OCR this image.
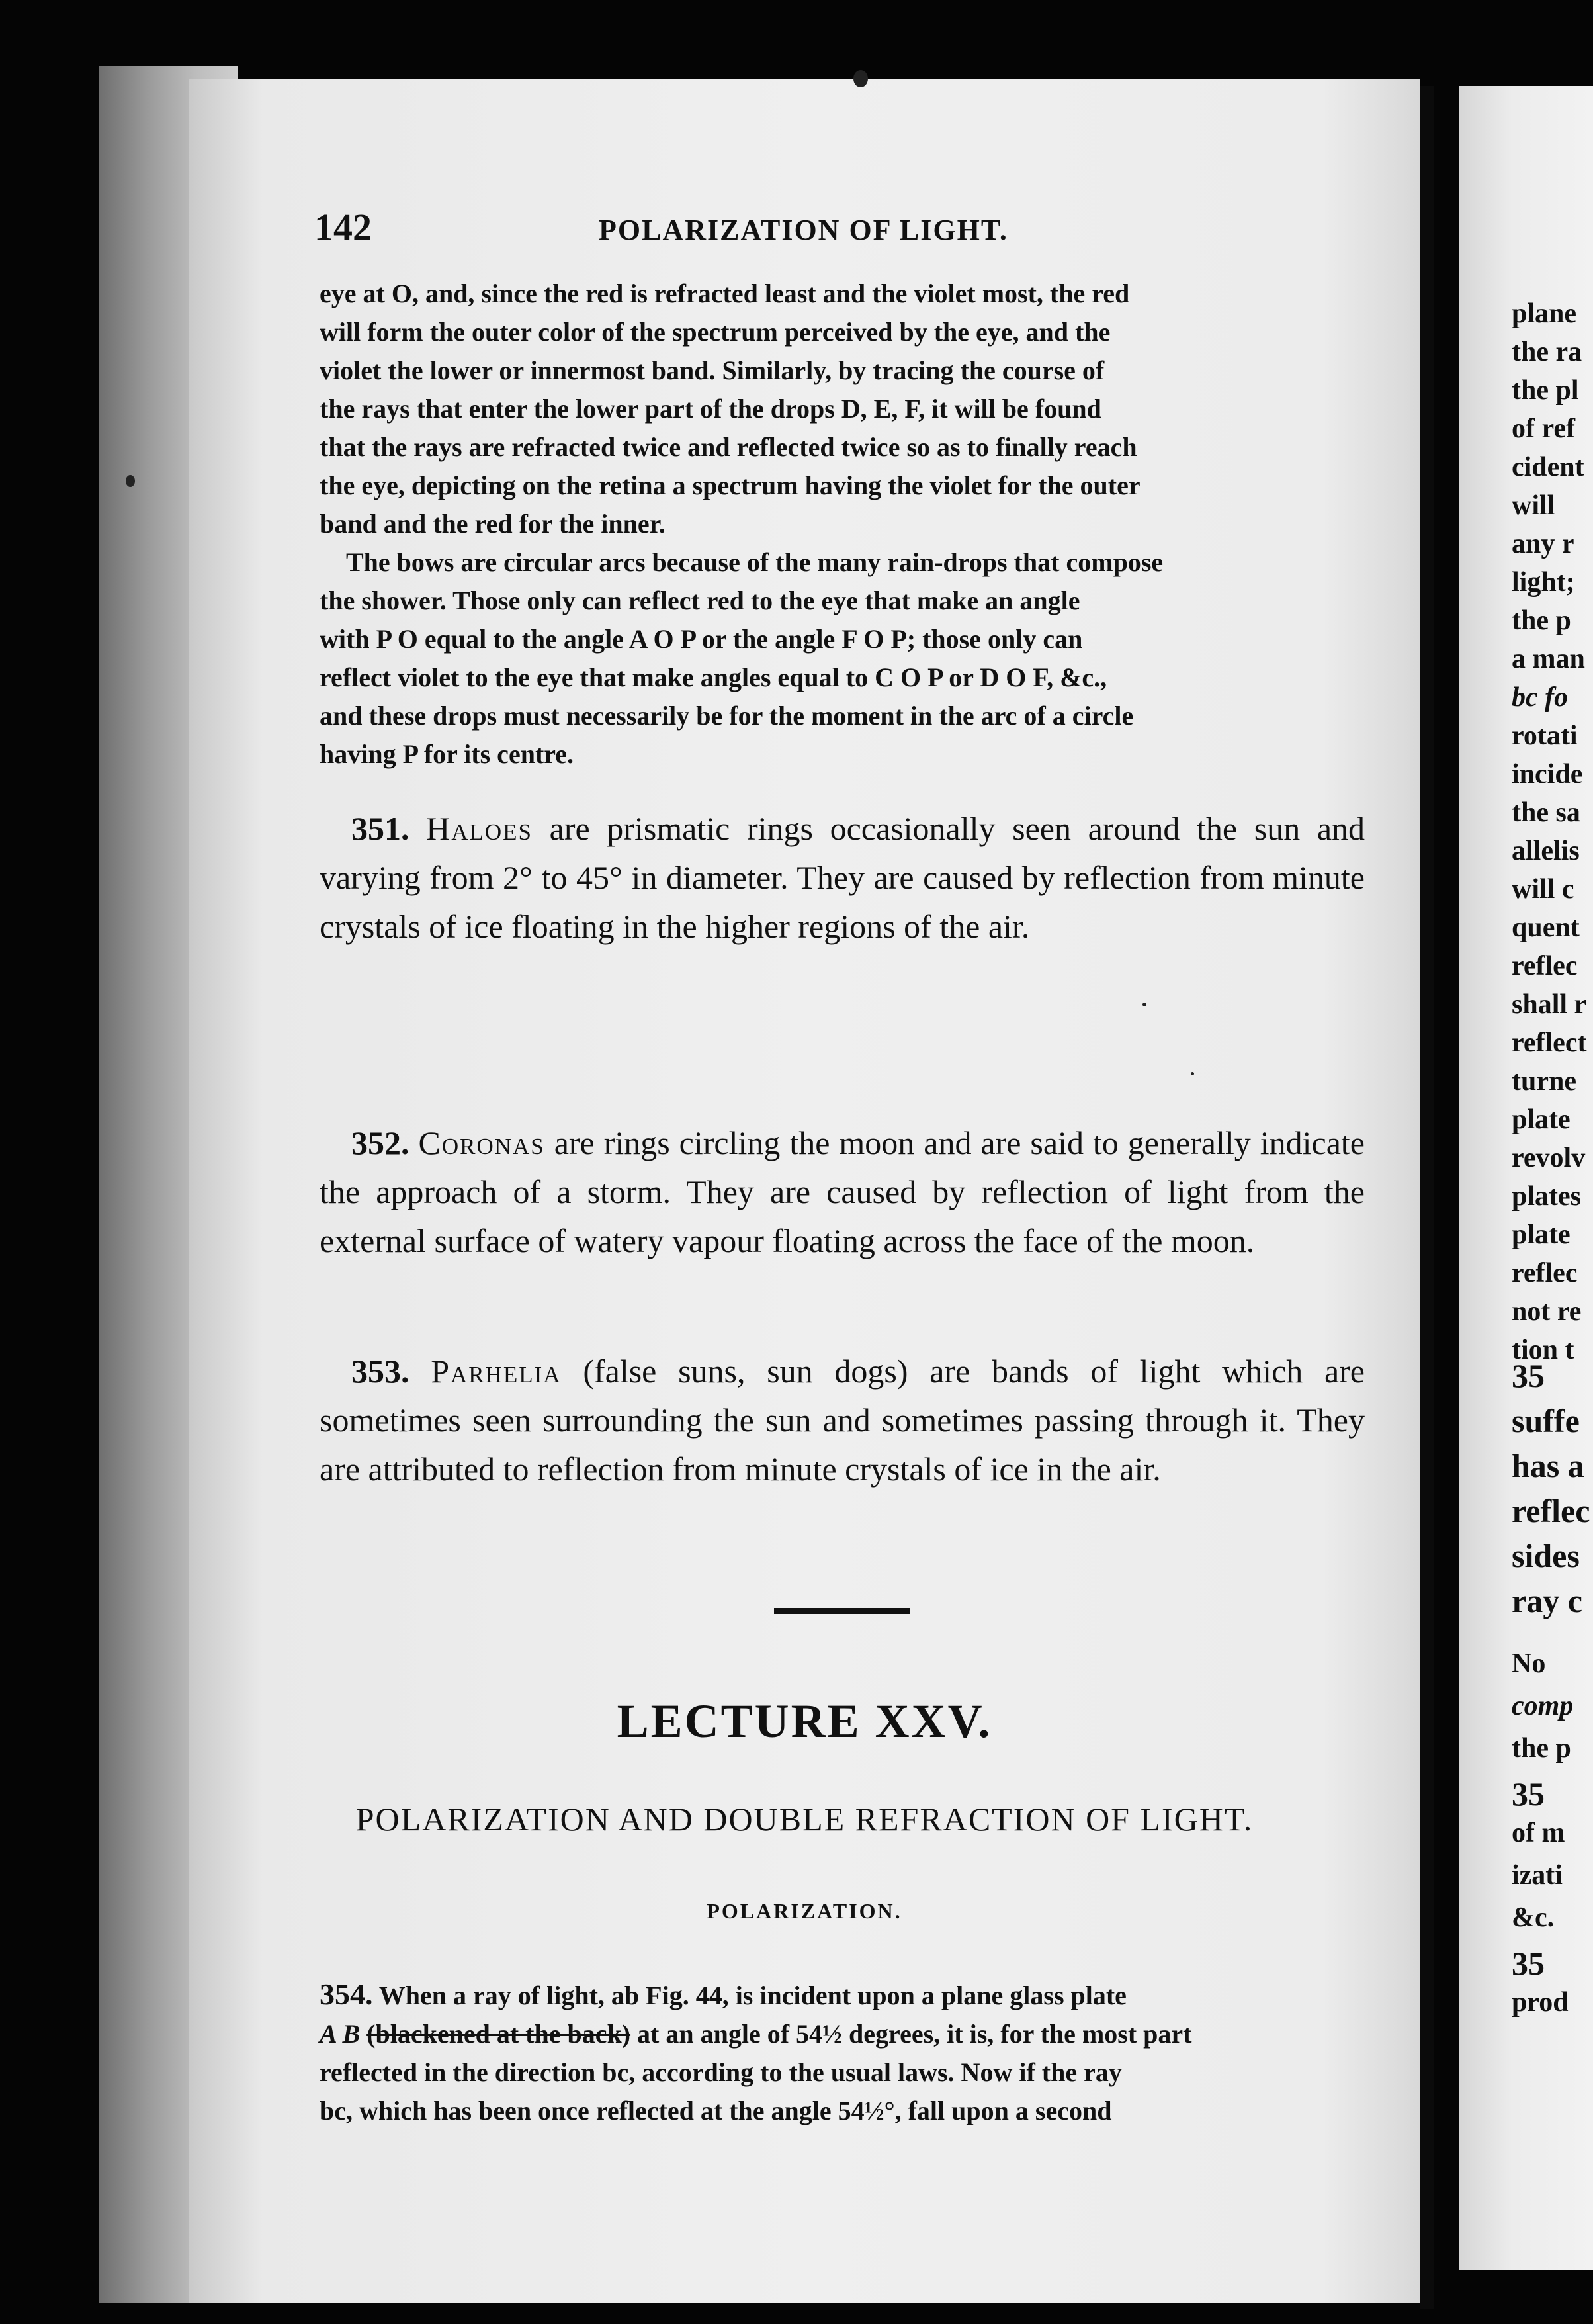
142	POLARIZATION OF LIGHT.

eye at O, and, since the red is refracted least and the violet most, the red

will form the outer color of the spectrum perceived by the eye, and the

violet the lower or innermost band. Similarly, by tracing the course of

the rays that enter the lower part of the drops D, E, F, it will be found

that the rays are refracted twice and reflected twice so as to finally reach

the eye, depicting on the retina a spectrum having the violet for the outer

band and the red for the inner.

The bows are circular arcs because of the many rain-drops that compose

the shower. Those only can reflect red to the eye that make an angle

with P O equal to the angle A O P or the angle F O P; those only can

reflect violet to the eye that make angles equal to C O P or D O F, &c.,

and these drops must necessarily be for the moment in the arc of a circle

having P for its centre.

351. Haloes are prismatic rings occasionally seen around the sun and varying from 2° to 45° in diameter. They are caused by reflection from minute crystals of ice floating in the higher regions of the air.

352. Coronas are rings circling the moon and are said to generally indicate the approach of a storm. They are caused by reflection of light from the external surface of watery vapour floating across the face of the moon.

353. Parhelia (false suns, sun dogs) are bands of light which are sometimes seen surrounding the sun and sometimes passing through it. They are attributed to reflection from minute crystals of ice in the air.

LECTURE XXV.
POLARIZATION AND DOUBLE REFRACTION OF LIGHT.
POLARIZATION.

354. When a ray of light, ab Fig. 44, is incident upon a plane glass plate

A B (blackened at the back) at an angle of 54½ degrees, it is, for the most part

reflected in the direction bc, according to the usual laws. Now if the ray

bc, which has been once reflected at the angle 54½°, fall upon a second

plane
the ra
the pl
of ref
cident
will
any r
light;
the p
a man
bc fo
rotati
incide
the sa
allelis
will c
quent
reflec
shall r
reflect
turne
plate
revolv
plates
plate
reflec
not re
tion t
35
suffe
has a
reflec
sides
ray c
No
comp
the p
35
of m
izati
&c.
35
prod
